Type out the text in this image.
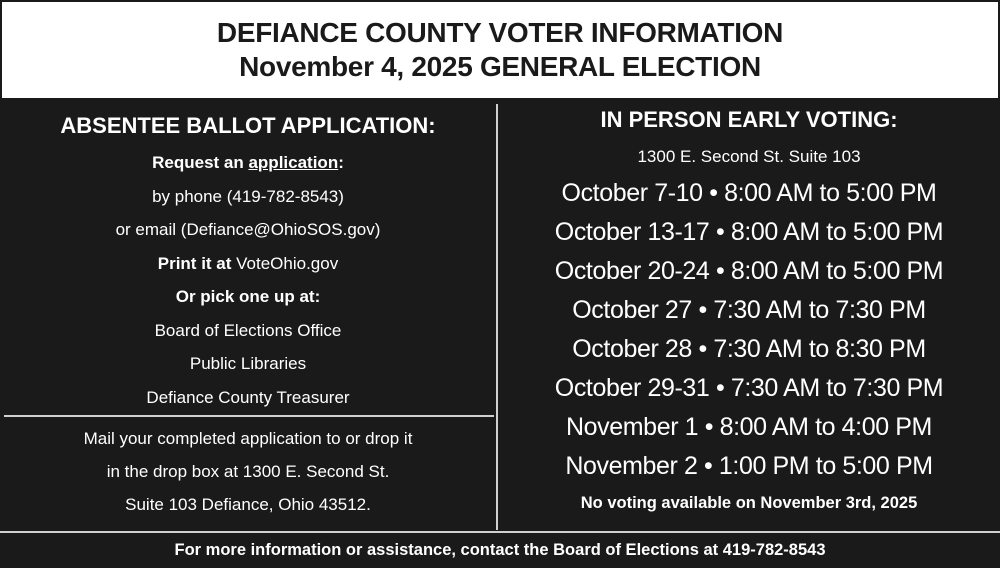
DEFIANCE COUNTY VOTER INFORMATION
November 4, 2025 GENERAL ELECTION
ABSENTEE BALLOT APPLICATION:
Request an application:
by phone (419-782-8543)
or email (Defiance@OhioSOS.gov)
Print it at VoteOhio.gov
Or pick one up at:
Board of Elections Office
Public Libraries
Defiance County Treasurer
Mail your completed application to or drop it
in the drop box at 1300 E. Second St.
Suite 103 Defiance, Ohio 43512.
IN PERSON EARLY VOTING:
1300 E. Second St. Suite 103
October 7-10 • 8:00 AM to 5:00 PM
October 13-17 • 8:00 AM to 5:00 PM
October 20-24 • 8:00 AM to 5:00 PM
October 27 • 7:30 AM to 7:30 PM
October 28 • 7:30 AM to 8:30 PM
October 29-31 • 7:30 AM to 7:30 PM
November 1 • 8:00 AM to 4:00 PM
November 2 • 1:00 PM to 5:00 PM
No voting available on November 3rd, 2025
For more information or assistance, contact the Board of Elections at 419-782-8543
